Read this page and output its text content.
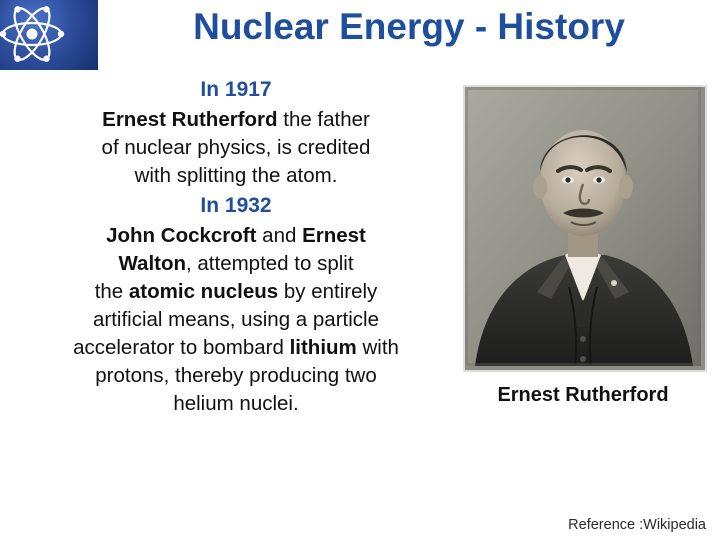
Nuclear Energy - History
In 1917
Ernest Rutherford the father
of nuclear physics, is credited
with splitting the atom.
In 1932
John Cockcroft and Ernest
Walton, attempted to split
the atomic nucleus by entirely
artificial means, using a particle
accelerator to bombard lithium with
protons, thereby producing two
helium nuclei.	Ernest Rutherford
Reference :Wikipedia
